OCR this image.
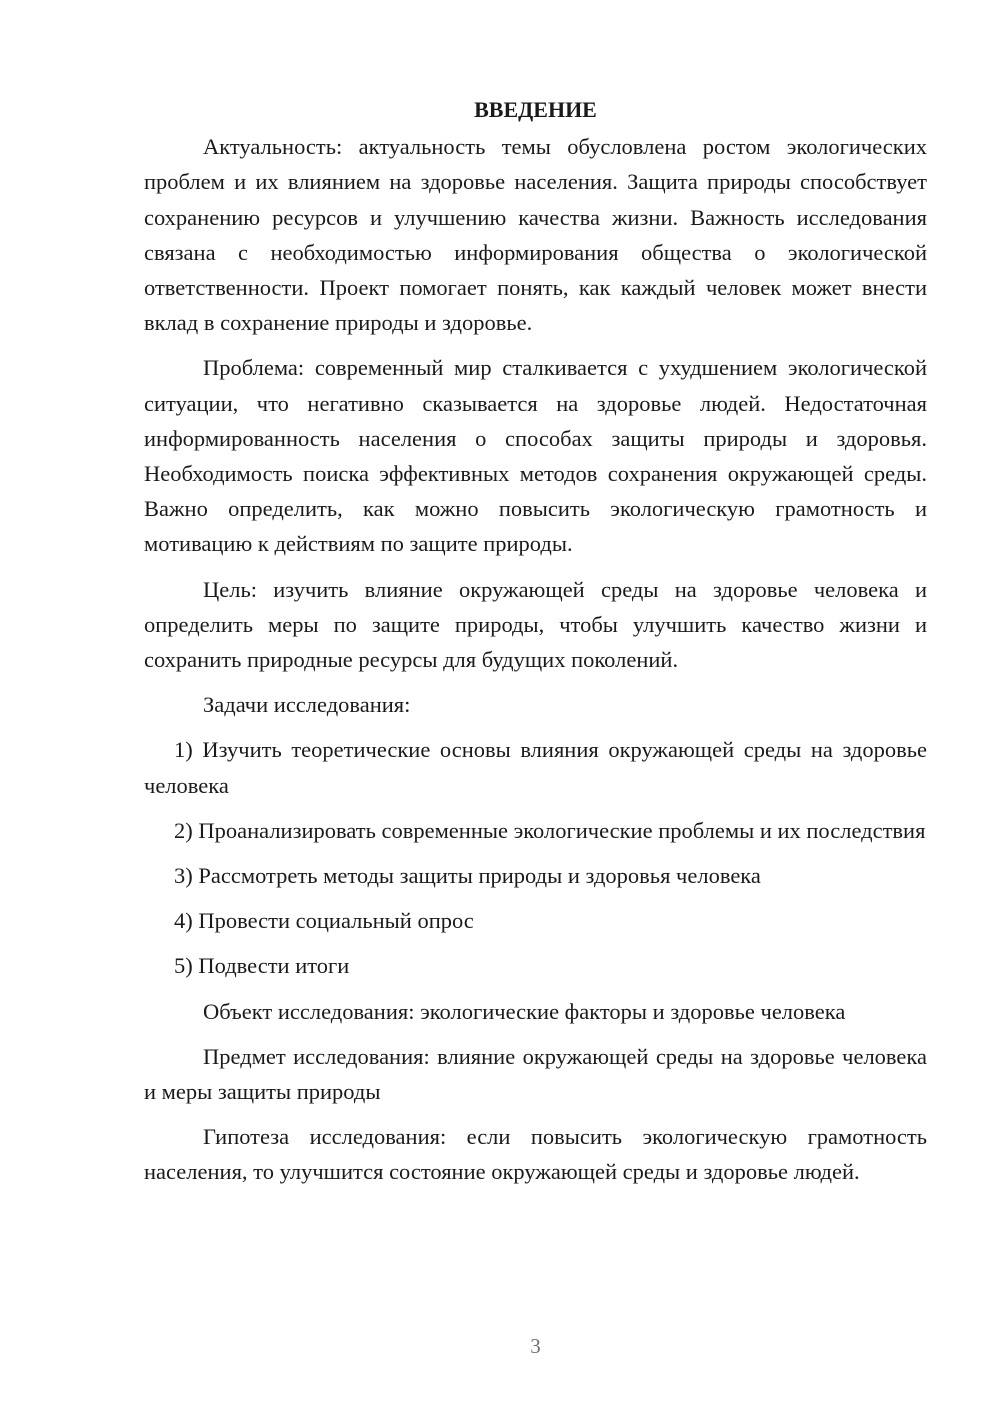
ВВЕДЕНИЕ

Актуальность: актуальность темы обусловлена ростом экологических проблем и их влиянием на здоровье населения. Защита природы способствует сохранению ресурсов и улучшению качества жизни. Важность исследования связана с необходимостью информирования общества о экологической ответственности. Проект помогает понять, как каждый человек может внести вклад в сохранение природы и здоровье.

Проблема: современный мир сталкивается с ухудшением экологической ситуации, что негативно сказывается на здоровье людей. Недостаточная информированность населения о способах защиты природы и здоровья. Необходимость поиска эффективных методов сохранения окружающей среды. Важно определить, как можно повысить экологическую грамотность и мотивацию к действиям по защите природы.

Цель: изучить влияние окружающей среды на здоровье человека и определить меры по защите природы, чтобы улучшить качество жизни и сохранить природные ресурсы для будущих поколений.

Задачи исследования:

1) Изучить теоретические основы влияния окружающей среды на здоровье человека

2) Проанализировать современные экологические проблемы и их последствия

3) Рассмотреть методы защиты природы и здоровья человека

4) Провести социальный опрос

5) Подвести итоги

Объект исследования: экологические факторы и здоровье человека

Предмет исследования: влияние окружающей среды на здоровье человека и меры защиты природы

Гипотеза исследования: если повысить экологическую грамотность населения, то улучшится состояние окружающей среды и здоровье людей.

3
